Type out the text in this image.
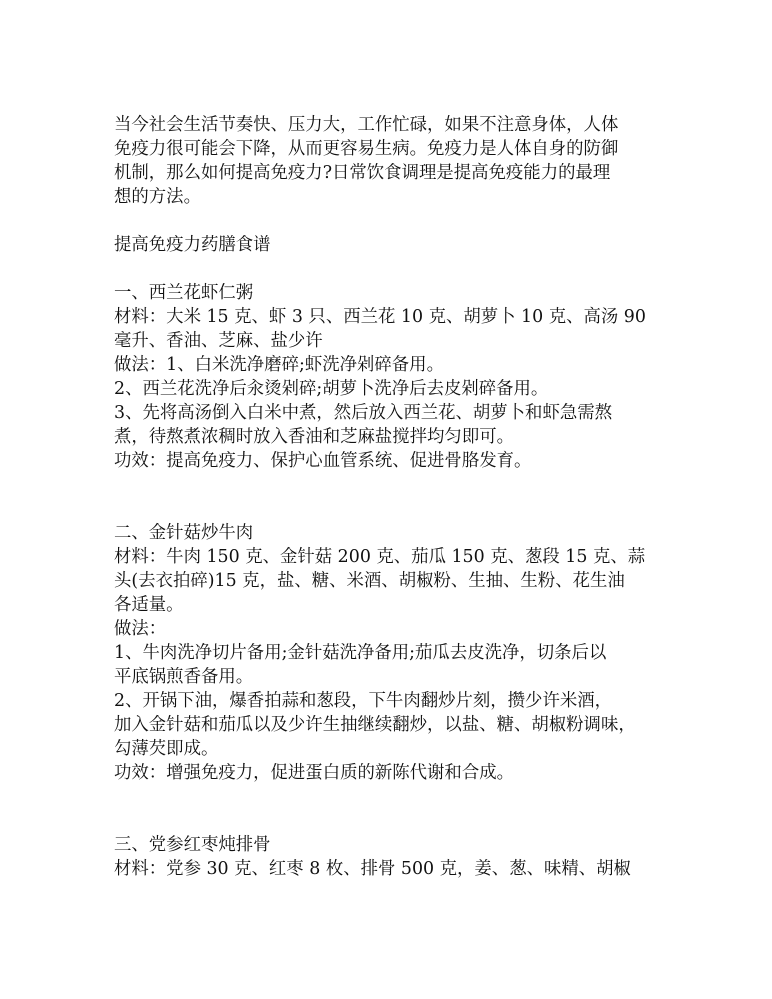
当今社会生活节奏快、压力大，工作忙碌，如果不注意身体，人体
免疫力很可能会下降，从而更容易生病。免疫力是人体自身的防御
机制，那么如何提高免疫力?日常饮食调理是提高免疫能力的最理
想的方法。
提高免疫力药膳食谱
一、西兰花虾仁粥
材料：大米 15 克、虾 3 只、西兰花 10 克、胡萝卜 10 克、高汤 90
毫升、香油、芝麻、盐少许
做法：1、白米洗净磨碎;虾洗净剁碎备用。
2、西兰花洗净后汆烫剁碎;胡萝卜洗净后去皮剁碎备用。
3、先将高汤倒入白米中煮，然后放入西兰花、胡萝卜和虾急需熬
煮，待熬煮浓稠时放入香油和芝麻盐搅拌均匀即可。
功效：提高免疫力、保护心血管系统、促进骨胳发育。
二、金针菇炒牛肉
材料：牛肉 150 克、金针菇 200 克、茄瓜 150 克、葱段 15 克、蒜
头(去衣拍碎)15 克，盐、糖、米酒、胡椒粉、生抽、生粉、花生油
各适量。
做法：
1、牛肉洗净切片备用;金针菇洗净备用;茄瓜去皮洗净，切条后以
平底锅煎香备用。
2、开锅下油，爆香拍蒜和葱段，下牛肉翻炒片刻，攒少许米酒，
加入金针菇和茄瓜以及少许生抽继续翻炒，以盐、糖、胡椒粉调味，
勾薄芡即成。
功效：增强免疫力，促进蛋白质的新陈代谢和合成。
三、党参红枣炖排骨
材料：党参 30 克、红枣 8 枚、排骨 500 克，姜、葱、味精、胡椒
